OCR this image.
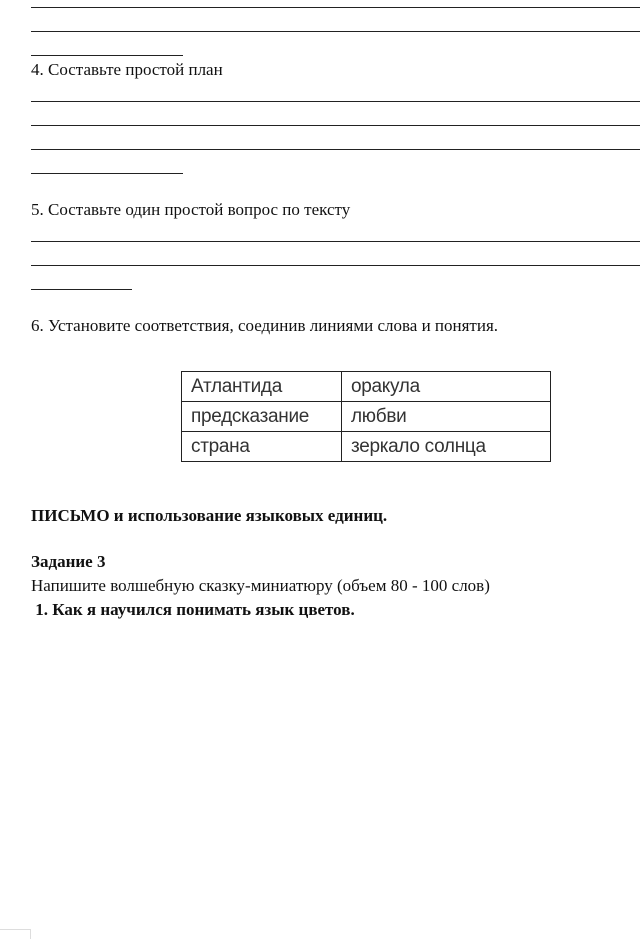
4. Составьте простой план
5. Составьте один простой вопрос по тексту
6. Установите соответствия, соединив линиями слова и понятия.
Атлантида	оракула
предсказание	любви
страна	зеркало солнца
ПИСЬМО и использование языковых единиц.
Задание 3
Напишите волшебную сказку-миниатюру (объем 80 - 100 слов)
1. Как я научился понимать язык цветов.
